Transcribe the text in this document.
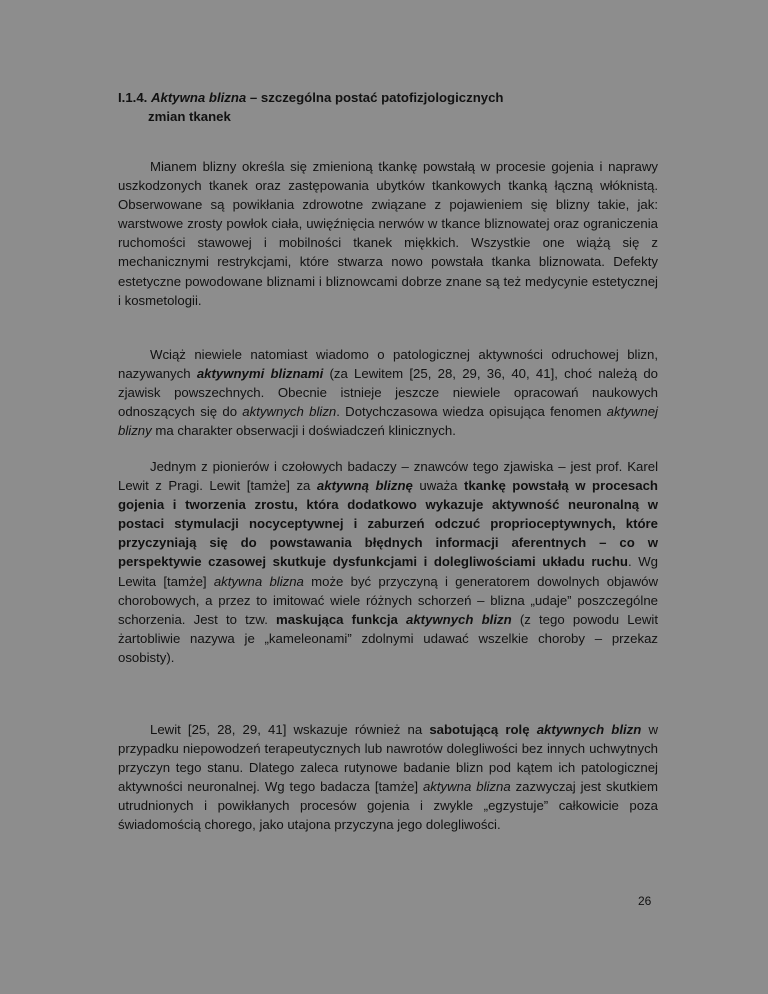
I.1.4. Aktywna blizna – szczególna postać patofizjologicznych
zmian tkanek

Mianem blizny określa się zmienioną tkankę powstałą w procesie gojenia i naprawy uszkodzonych tkanek oraz zastępowania ubytków tkankowych tkanką łączną włóknistą. Obserwowane są powikłania zdrowotne związane z pojawieniem się blizny takie, jak: warstwowe zrosty powłok ciała, uwięźnięcia nerwów w tkance bliznowatej oraz ograniczenia ruchomości stawowej i mobilności tkanek miękkich. Wszystkie one wiążą się z mechanicznymi restrykcjami, które stwarza nowo powstała tkanka bliznowata. Defekty estetyczne powodowane bliznami i bliznowcami dobrze znane są też medycynie estetycznej i kosmetologii.

Wciąż niewiele natomiast wiadomo o patologicznej aktywności odruchowej blizn, nazywanych aktywnymi bliznami (za Lewitem [25, 28, 29, 36, 40, 41], choć należą do zjawisk powszechnych. Obecnie istnieje jeszcze niewiele opracowań naukowych odnoszących się do aktywnych blizn. Dotychczasowa wiedza opisująca fenomen aktywnej blizny ma charakter obserwacji i doświadczeń klinicznych.

Jednym z pionierów i czołowych badaczy – znawców tego zjawiska – jest prof. Karel Lewit z Pragi. Lewit [tamże] za aktywną bliznę uważa tkankę powstałą w procesach gojenia i tworzenia zrostu, która dodatkowo wykazuje aktywność neuronalną w postaci stymulacji nocyceptywnej i zaburzeń odczuć proprioceptywnych, które przyczyniają się do powstawania błędnych informacji aferentnych – co w perspektywie czasowej skutkuje dysfunkcjami i dolegliwościami układu ruchu. Wg Lewita [tamże] aktywna blizna może być przyczyną i generatorem dowolnych objawów chorobowych, a przez to imitować wiele różnych schorzeń – blizna „udaje” poszczególne schorzenia. Jest to tzw. maskująca funkcja aktywnych blizn (z tego powodu Lewit żartobliwie nazywa je „kameleonami” zdolnymi udawać wszelkie choroby – przekaz osobisty).

Lewit [25, 28, 29, 41] wskazuje również na sabotującą rolę aktywnych blizn w przypadku niepowodzeń terapeutycznych lub nawrotów dolegliwości bez innych uchwytnych przyczyn tego stanu. Dlatego zaleca rutynowe badanie blizn pod kątem ich patologicznej aktywności neuronalnej. Wg tego badacza [tamże] aktywna blizna zazwyczaj jest skutkiem utrudnionych i powikłanych procesów gojenia i zwykle „egzystuje” całkowicie poza świadomością chorego, jako utajona przyczyna jego dolegliwości.

26
